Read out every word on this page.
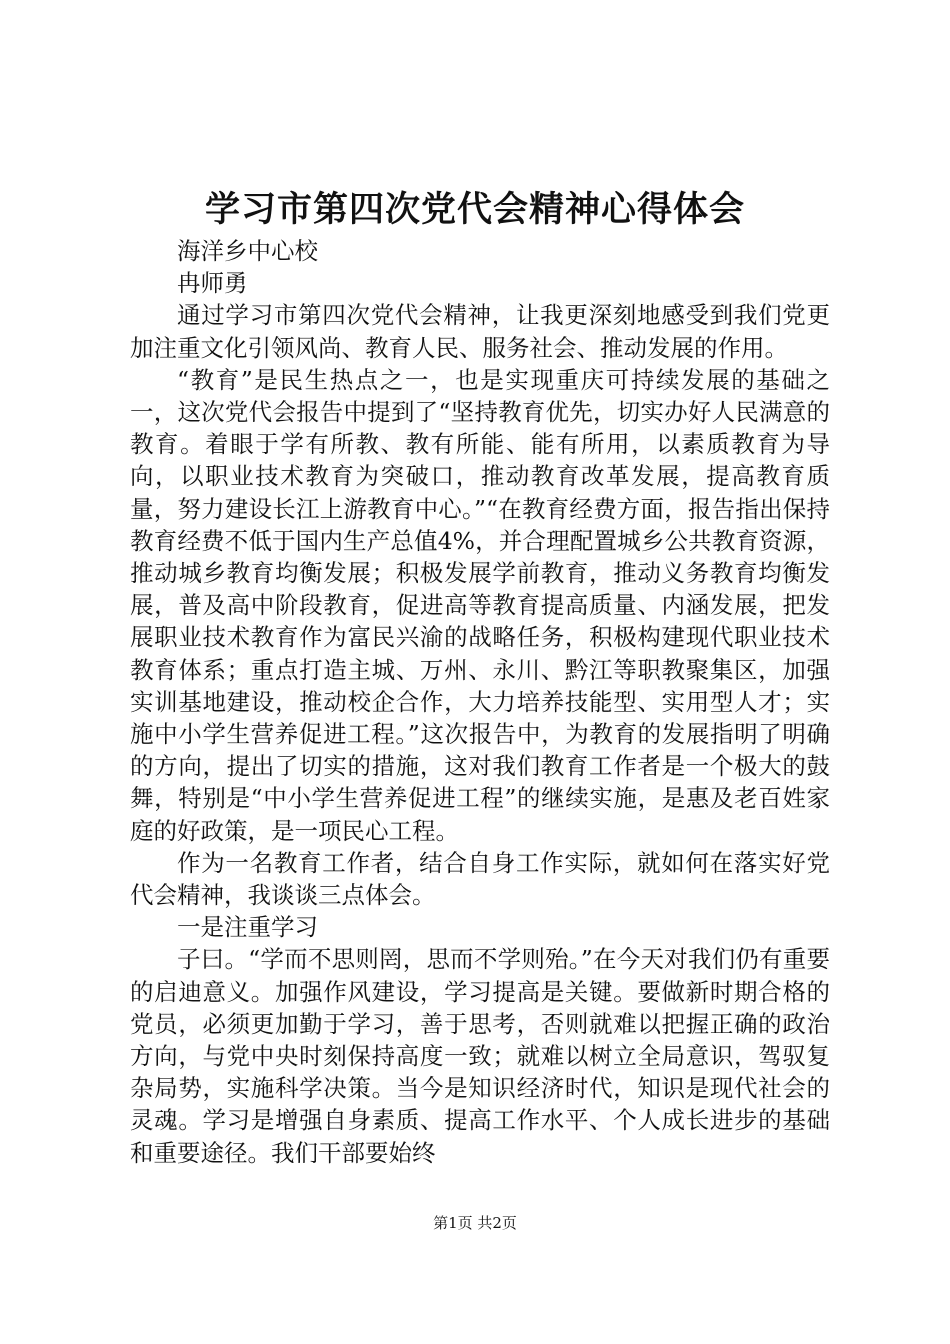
学习市第四次党代会精神心得体会

海洋乡中心校

冉师勇

通过学习市第四次党代会精神，让我更深刻地感受到我们党更加注重文化引领风尚、教育人民、服务社会、推动发展的作用。

“教育”是民生热点之一，也是实现重庆可持续发展的基础之一，这次党代会报告中提到了“坚持教育优先，切实办好人民满意的教育。着眼于学有所教、教有所能、能有所用，以素质教育为导向，以职业技术教育为突破口，推动教育改革发展，提高教育质量，努力建设长江上游教育中心。”“在教育经费方面，报告指出保持教育经费不低于国内生产总值4%，并合理配置城乡公共教育资源，推动城乡教育均衡发展；积极发展学前教育，推动义务教育均衡发展，普及高中阶段教育，促进高等教育提高质量、内涵发展，把发展职业技术教育作为富民兴渝的战略任务，积极构建现代职业技术教育体系；重点打造主城、万州、永川、黔江等职教聚集区，加强实训基地建设，推动校企合作，大力培养技能型、实用型人才；实施中小学生营养促进工程。”这次报告中，为教育的发展指明了明确的方向，提出了切实的措施，这对我们教育工作者是一个极大的鼓舞，特别是“中小学生营养促进工程”的继续实施，是惠及老百姓家庭的好政策，是一项民心工程。

作为一名教育工作者，结合自身工作实际，就如何在落实好党代会精神，我谈谈三点体会。

一是注重学习

子曰。“学而不思则罔，思而不学则殆。”在今天对我们仍有重要的启迪意义。加强作风建设，学习提高是关键。要做新时期合格的党员，必须更加勤于学习，善于思考，否则就难以把握正确的政治方向，与党中央时刻保持高度一致；就难以树立全局意识，驾驭复杂局势，实施科学决策。当今是知识经济时代，知识是现代社会的灵魂。学习是增强自身素质、提高工作水平、个人成长进步的基础和重要途径。我们干部要始终

第1页 共2页
